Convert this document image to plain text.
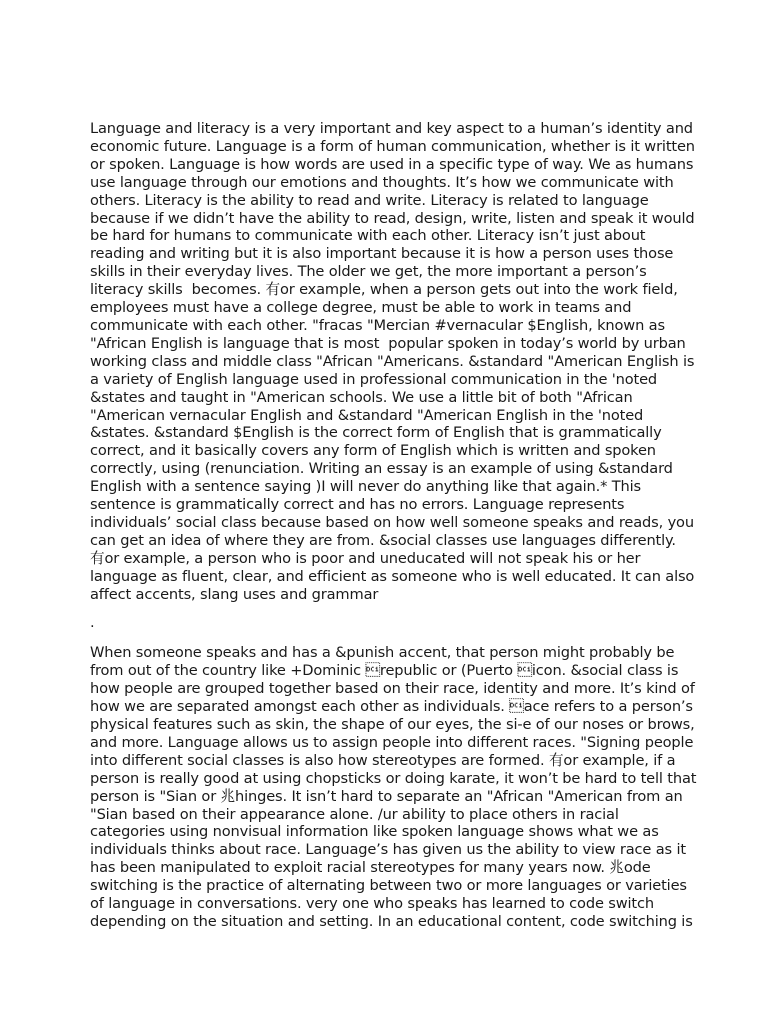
Language and literacy is a very important and key aspect to a human’s identity and
economic future. Language is a form of human communication, whether is it written
or spoken. Language is how words are used in a specific type of way. We as humans
use language through our emotions and thoughts. It’s how we communicate with
others. Literacy is the ability to read and write. Literacy is related to language
because if we didn’t have the ability to read, design, write, listen and speak it would
be hard for humans to communicate with each other. Literacy isn’t just about
reading and writing but it is also important because it is how a person uses those
skills in their everyday lives. The older we get, the more important a person’s
literacy skills  becomes. 有or example, when a person gets out into the work field,
employees must have a college degree, must be able to work in teams and
communicate with each other. "fracas "Mercian #vernacular $English, known as
"African English is language that is most  popular spoken in today’s world by urban
working class and middle class "African "Americans. &standard "American English is
a variety of English language used in professional communication in the 'noted
&states and taught in "American schools. We use a little bit of both "African
"American vernacular English and &standard "American English in the 'noted
&states. &standard $English is the correct form of English that is grammatically
correct, and it basically covers any form of English which is written and spoken
correctly, using (renunciation. Writing an essay is an example of using &standard
English with a sentence saying )I will never do anything like that again.* This
sentence is grammatically correct and has no errors. Language represents
individuals’ social class because based on how well someone speaks and reads, you
can get an idea of where they are from. &social classes use languages differently.
有or example, a person who is poor and uneducated will not speak his or her
language as fluent, clear, and efficient as someone who is well educated. It can also
affect accents, slang uses and grammar
·
When someone speaks and has a &punish accent, that person might probably be
from out of the country like +Dominic republic or (Puerto icon. &social class is
how people are grouped together based on their race, identity and more. It’s kind of
how we are separated amongst each other as individuals. ace refers to a person’s
physical features such as skin, the shape of our eyes, the si-e of our noses or brows,
and more. Language allows us to assign people into different races. "Signing people
into different social classes is also how stereotypes are formed. 有or example, if a
person is really good at using chopsticks or doing karate, it won’t be hard to tell that
person is "Sian or 兆hinges. It isn’t hard to separate an "African "American from an
"Sian based on their appearance alone. /ur ability to place others in racial
categories using nonvisual information like spoken language shows what we as
individuals thinks about race. Language’s has given us the ability to view race as it
has been manipulated to exploit racial stereotypes for many years now. 兆ode
switching is the practice of alternating between two or more languages or varieties
of language in conversations. very one who speaks has learned to code switch
depending on the situation and setting. In an educational content, code switching is
